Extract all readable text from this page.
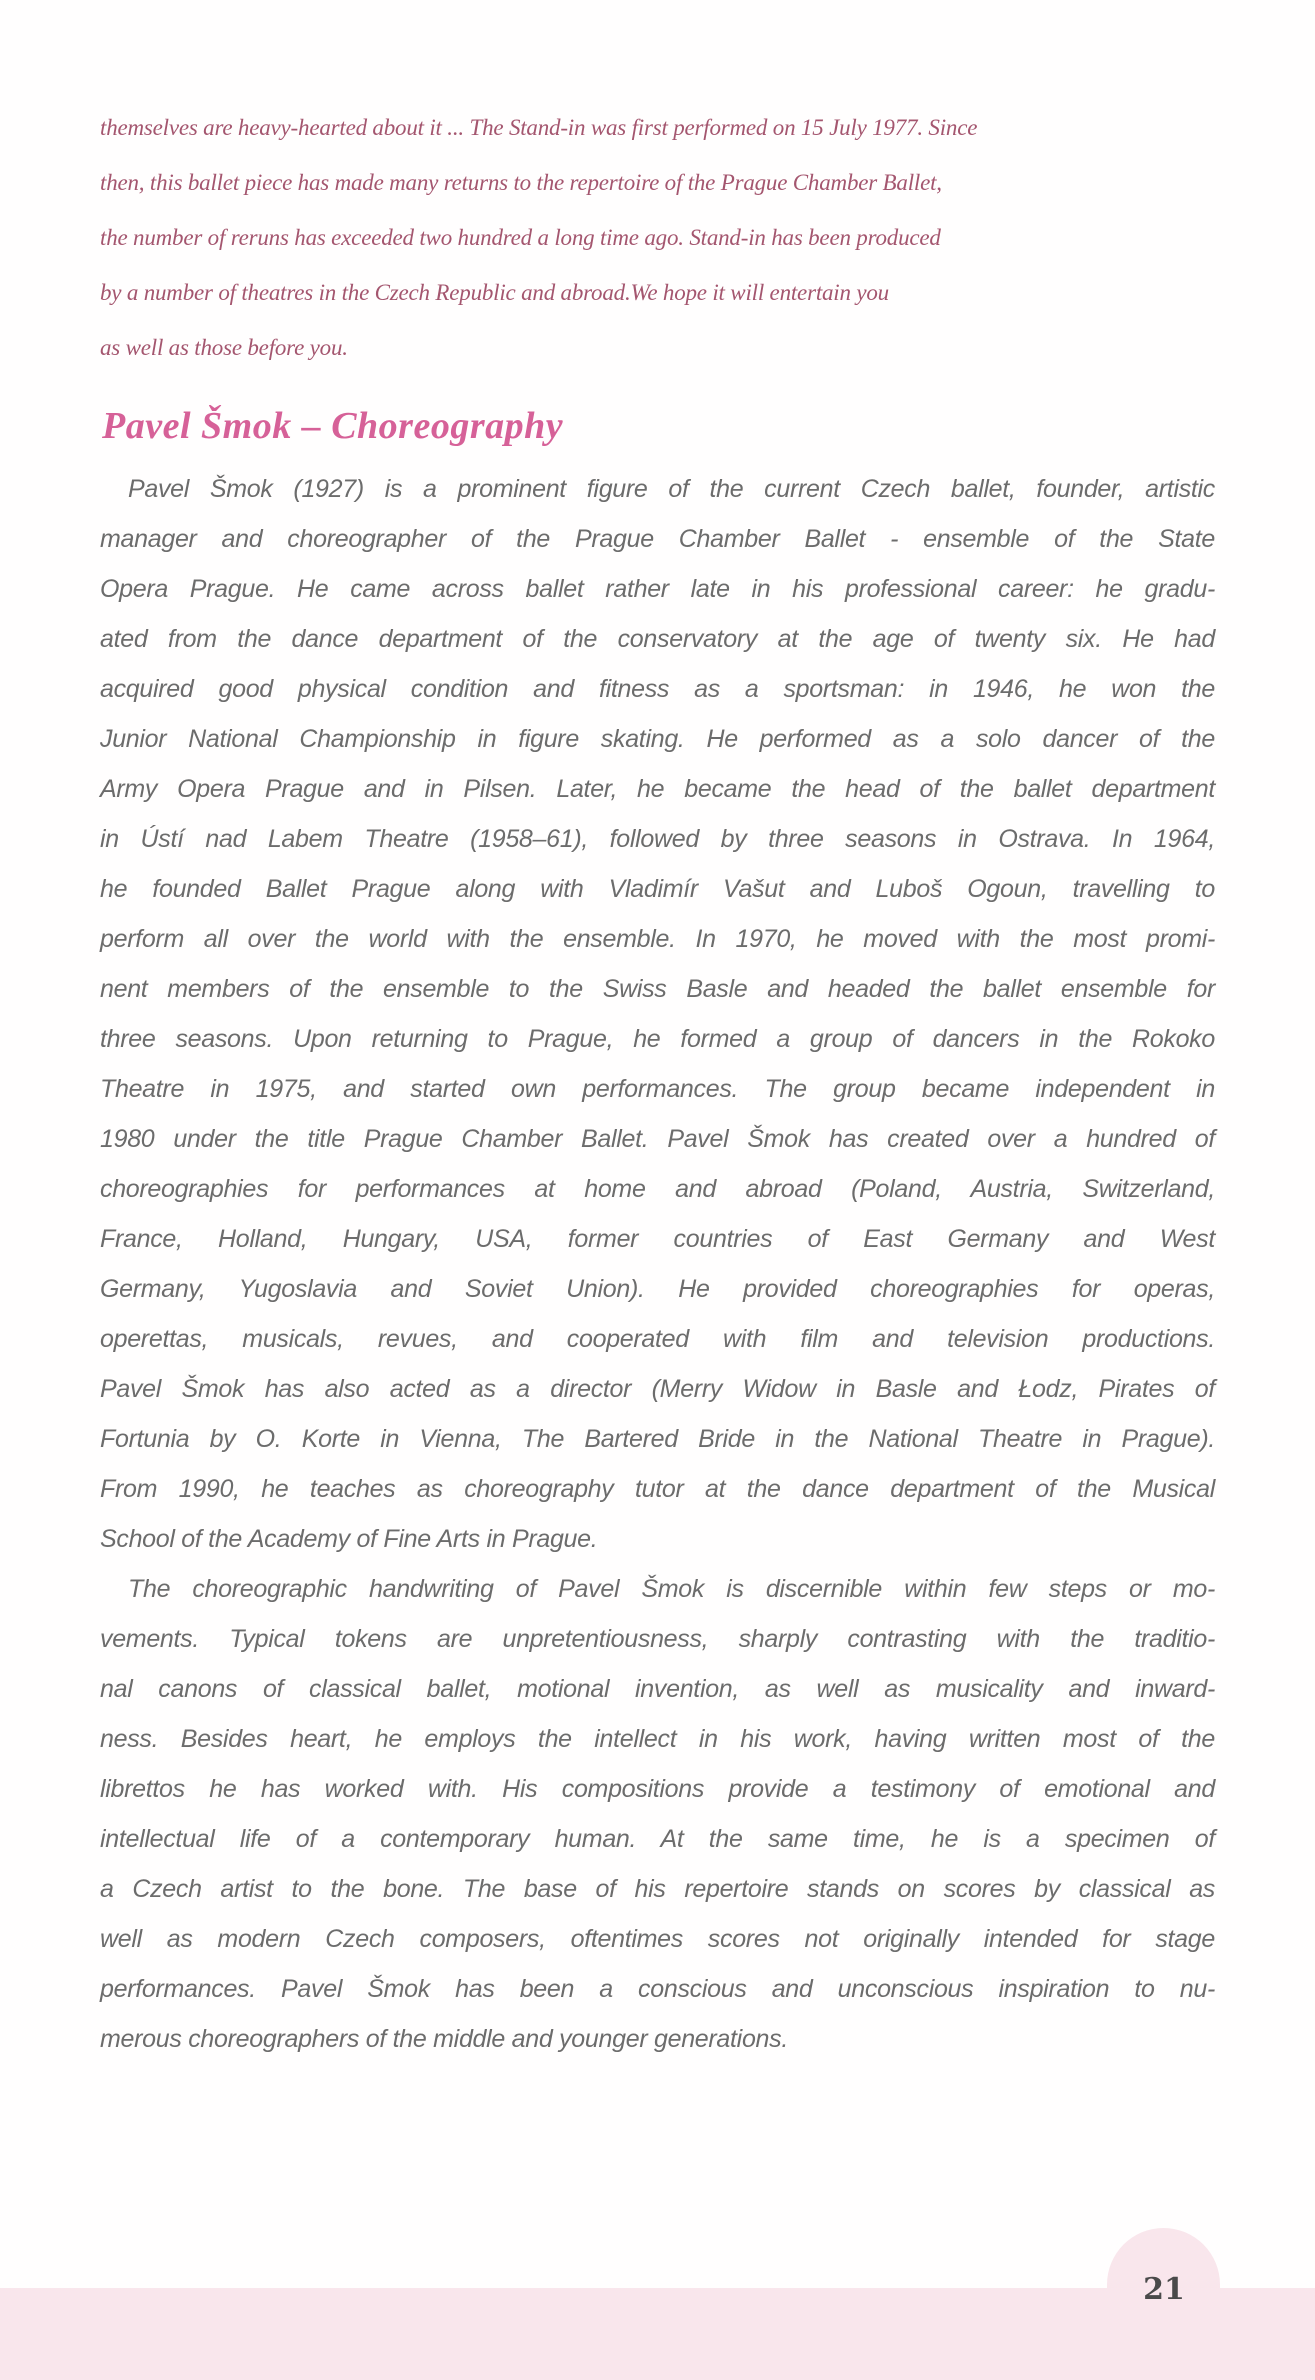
themselves are heavy-hearted about it ... The Stand-in was first performed on 15 July 1977. Since
then, this ballet piece has made many returns to the repertoire of the Prague Chamber Ballet,
the number of reruns has exceeded two hundred a long time ago. Stand-in has been produced
by a number of theatres in the Czech Republic and abroad.We hope it will entertain you
as well as those before you.
Pavel Šmok – Choreography
Pavel Šmok (1927) is a prominent figure of the current Czech ballet, founder, artistic
manager and choreographer of the Prague Chamber Ballet - ensemble of the State
Opera Prague. He came across ballet rather late in his professional career: he gradu-
ated from the dance department of the conservatory at the age of twenty six. He had
acquired good physical condition and fitness as a sportsman: in 1946, he won the
Junior National Championship in figure skating. He performed as a solo dancer of the
Army Opera Prague and in Pilsen. Later, he became the head of the ballet department
in Ústí nad Labem Theatre (1958–61), followed by three seasons in Ostrava. In 1964,
he founded Ballet Prague along with Vladimír Vašut and Luboš Ogoun, travelling to
perform all over the world with the ensemble. In 1970, he moved with the most promi-
nent members of the ensemble to the Swiss Basle and headed the ballet ensemble for
three seasons. Upon returning to Prague, he formed a group of dancers in the Rokoko
Theatre in 1975, and started own performances. The group became independent in
1980 under the title Prague Chamber Ballet. Pavel Šmok has created over a hundred of
choreographies for performances at home and abroad (Poland, Austria, Switzerland,
France, Holland, Hungary, USA, former countries of East Germany and West
Germany, Yugoslavia and Soviet Union). He provided choreographies for operas,
operettas, musicals, revues, and cooperated with film and television productions.
Pavel Šmok has also acted as a director (Merry Widow in Basle and Łodz, Pirates of
Fortunia by O. Korte in Vienna, The Bartered Bride in the National Theatre in Prague).
From 1990, he teaches as choreography tutor at the dance department of the Musical
School of the Academy of Fine Arts in Prague.
The choreographic handwriting of Pavel Šmok is discernible within few steps or mo-
vements. Typical tokens are unpretentiousness, sharply contrasting with the traditio-
nal canons of classical ballet, motional invention, as well as musicality and inward-
ness. Besides heart, he employs the intellect in his work, having written most of the
librettos he has worked with. His compositions provide a testimony of emotional and
intellectual life of a contemporary human. At the same time, he is a specimen of
a Czech artist to the bone. The base of his repertoire stands on scores by classical as
well as modern Czech composers, oftentimes scores not originally intended for stage
performances. Pavel Šmok has been a conscious and unconscious inspiration to nu-
merous choreographers of the middle and younger generations.
21
